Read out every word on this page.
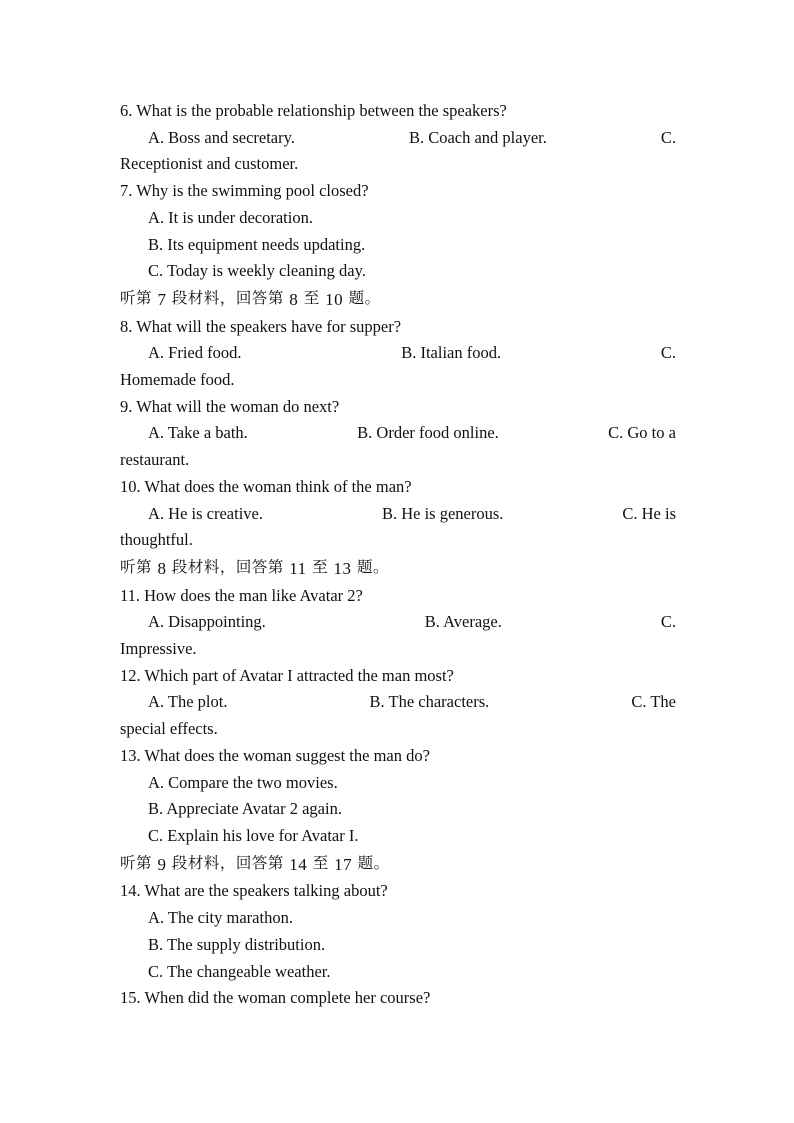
6. What is the probable relationship between the speakers?
A. Boss and secretary.	B. Coach and player.	C.
Receptionist and customer.
7. Why is the swimming pool closed?
A. It is under decoration.
B. Its equipment needs updating.
C. Today is weekly cleaning day.
听第 7 段材料，回答第 8 至 10 题。
8. What will the speakers have for supper?
A. Fried food.	B. Italian food.	C.
Homemade food.
9. What will the woman do next?
A. Take a bath.	B. Order food online.	C. Go to a
restaurant.
10. What does the woman think of the man?
A. He is creative.	B. He is generous.	C. He is
thoughtful.
听第 8 段材料，回答第 11 至 13 题。
11. How does the man like Avatar 2?
A. Disappointing.	B. Average.	C.
Impressive.
12. Which part of Avatar I attracted the man most?
A. The plot.	B. The characters.	C. The
special effects.
13. What does the woman suggest the man do?
A. Compare the two movies.
B. Appreciate Avatar 2 again.
C. Explain his love for Avatar I.
听第 9 段材料，回答第 14 至 17 题。
14. What are the speakers talking about?
A. The city marathon.
B. The supply distribution.
C. The changeable weather.
15. When did the woman complete her course?
